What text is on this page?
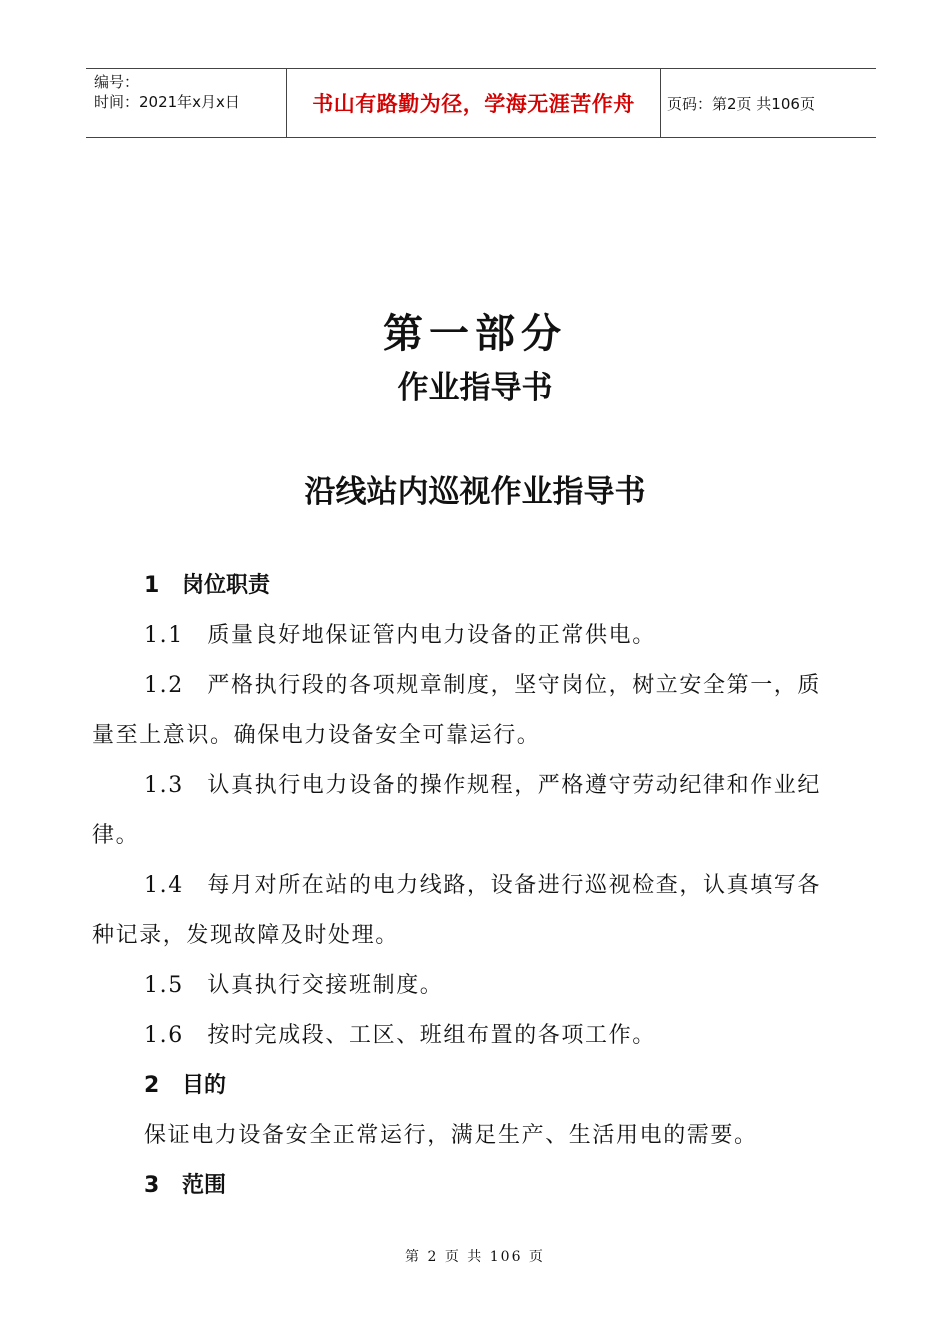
编号：
时间：2021年x月x日	书山有路勤为径，学海无涯苦作舟 页码：第2页 共106页
第一部分
作业指导书
沿线站内巡视作业指导书
1 岗位职责
1.1　质量良好地保证管内电力设备的正常供电。
1.2　严格执行段的各项规章制度，坚守岗位，树立安全第一，质
量至上意识。确保电力设备安全可靠运行。
1.3　认真执行电力设备的操作规程，严格遵守劳动纪律和作业纪
律。
1.4　每月对所在站的电力线路，设备进行巡视检查，认真填写各
种记录，发现故障及时处理。
1.5　认真执行交接班制度。
1.6　按时完成段、工区、班组布置的各项工作。
2 目的
保证电力设备安全正常运行，满足生产、生活用电的需要。
3 范围
第 2 页 共 106 页
